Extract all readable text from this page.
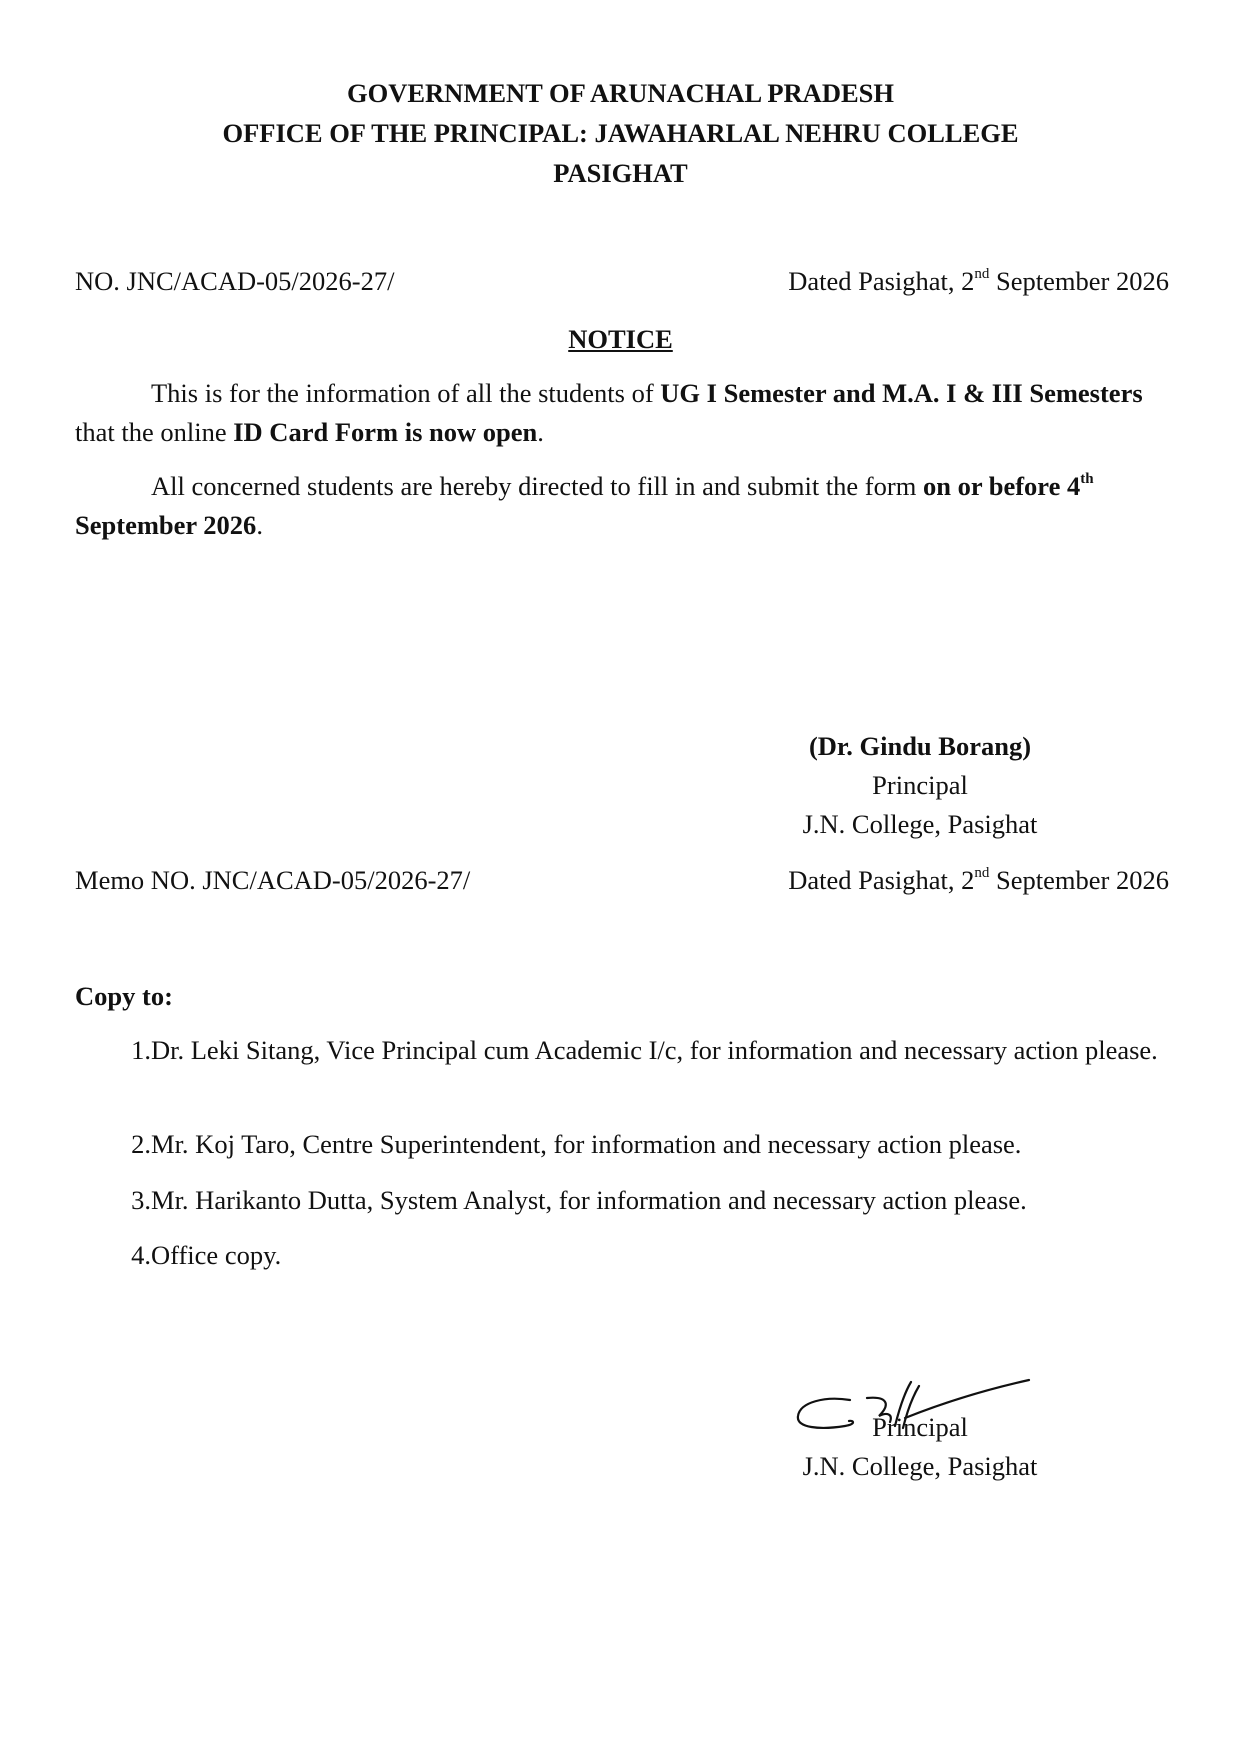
GOVERNMENT OF ARUNACHAL PRADESH
OFFICE OF THE PRINCIPAL: JAWAHARLAL NEHRU COLLEGE
PASIGHAT
NO. JNC/ACAD-05/2026-27/	Dated Pasighat, 2nd September 2026
NOTICE
This is for the information of all the students of UG I Semester and M.A. I & III Semesters that the online ID Card Form is now open.
All concerned students are hereby directed to fill in and submit the form on or before 4th September 2026.
(Dr. Gindu Borang)
Principal
J.N. College, Pasighat
Memo NO. JNC/ACAD-05/2026-27/	Dated Pasighat, 2nd September 2026
Copy to:
1. Dr. Leki Sitang, Vice Principal cum Academic I/c, for information and necessary action please.
2. Mr. Koj Taro, Centre Superintendent, for information and necessary action please.
3. Mr. Harikanto Dutta, System Analyst, for information and necessary action please.
4. Office copy.
Principal
J.N. College, Pasighat
